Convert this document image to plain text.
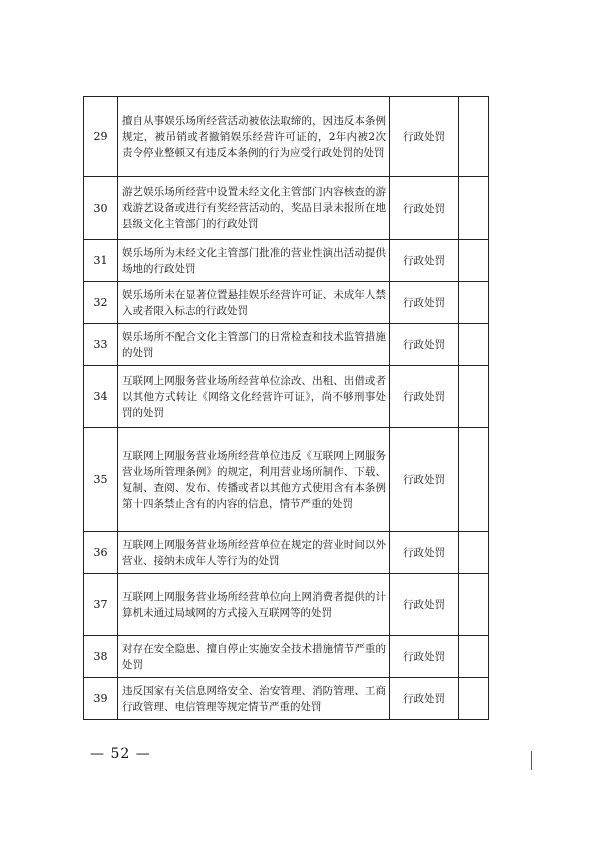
29	擅自从事娱乐场所经营活动被依法取缔的，因违反本条例规定，被吊销或者撤销娱乐经营许可证的，2年内被2次责令停业整顿又有违反本条例的行为应受行政处罚的处罚	行政处罚	
30	游艺娱乐场所经营中设置未经文化主管部门内容核查的游戏游艺设备或进行有奖经营活动的，奖品目录未报所在地县级文化主管部门的行政处罚	行政处罚	
31	娱乐场所为未经文化主管部门批准的营业性演出活动提供场地的行政处罚	行政处罚	
32	娱乐场所未在显著位置悬挂娱乐经营许可证、未成年人禁入或者限入标志的行政处罚	行政处罚	
33	娱乐场所不配合文化主管部门的日常检查和技术监管措施的处罚	行政处罚	
34	互联网上网服务营业场所经营单位涂改、出租、出借或者以其他方式转让《网络文化经营许可证》，尚不够刑事处罚的处罚	行政处罚	
35	互联网上网服务营业场所经营单位违反《互联网上网服务营业场所管理条例》的规定，利用营业场所制作、下载、复制、查阅、发布、传播或者以其他方式使用含有本条例第十四条禁止含有的内容的信息，情节严重的处罚	行政处罚	
36	互联网上网服务营业场所经营单位在规定的营业时间以外营业、接纳未成年人等行为的处罚	行政处罚	
37	互联网上网服务营业场所经营单位向上网消费者提供的计算机未通过局域网的方式接入互联网等的处罚	行政处罚	
38	对存在安全隐患、擅自停止实施安全技术措施情节严重的处罚	行政处罚	
39	违反国家有关信息网络安全、治安管理、消防管理、工商行政管理、电信管理等规定情节严重的处罚	行政处罚	
— 52 —
